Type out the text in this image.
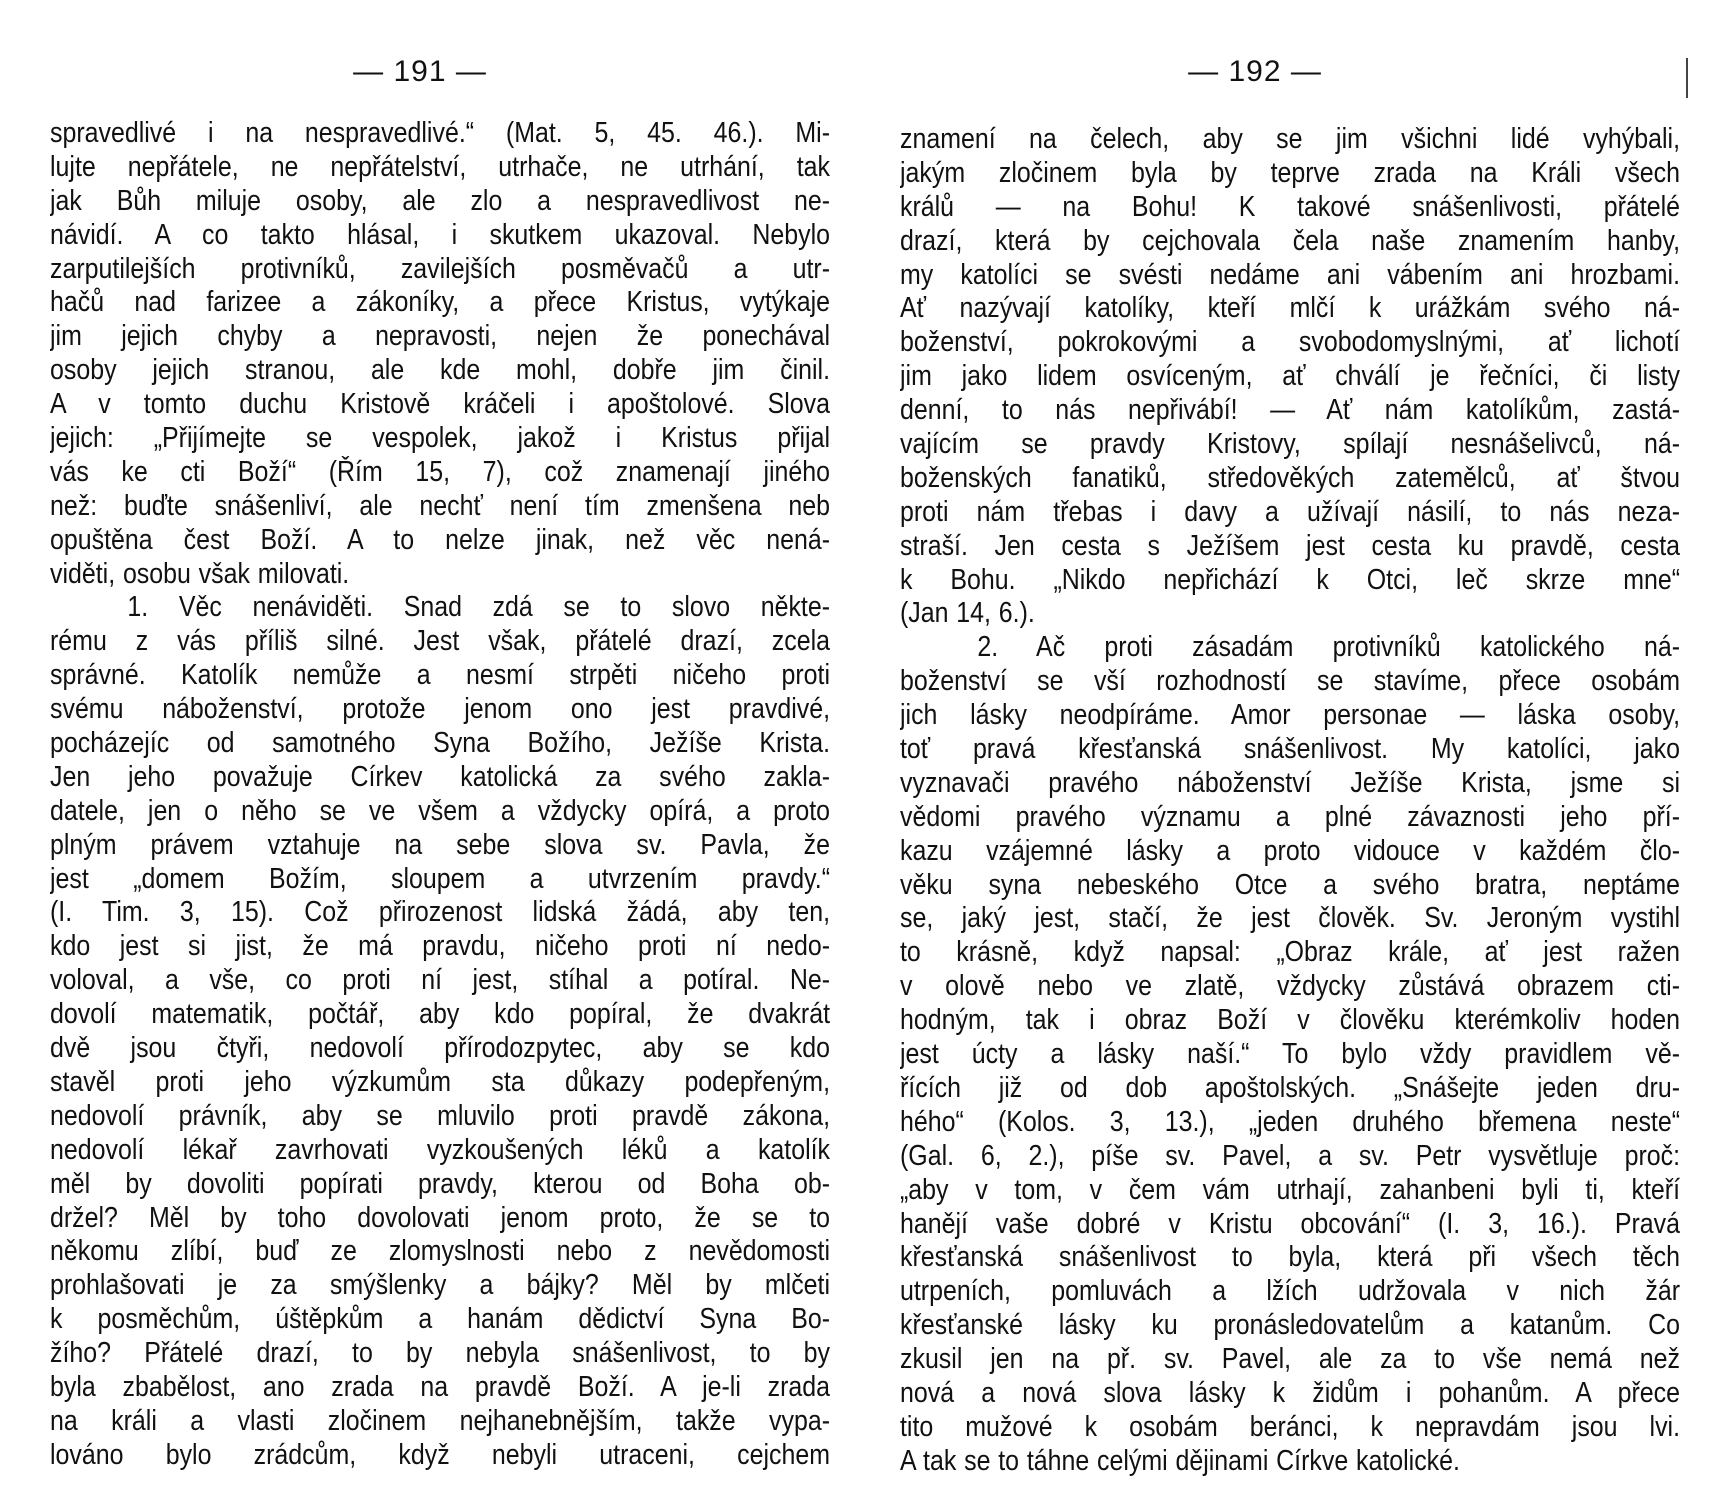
— 191 —
spravedlivé i na nespravedlivé.“ (Mat. 5, 45. 46.). Mi-
lujte nepřátele, ne nepřátelství, utrhače, ne utrhání, tak
jak Bůh miluje osoby, ale zlo a nespravedlivost ne-
návidí. A co takto hlásal, i skutkem ukazoval. Nebylo
zarputilejších protivníků, zavilejších posměvačů a utr-
hačů nad farizee a zákoníky, a přece Kristus, vytýkaje
jim jejich chyby a nepravosti, nejen že ponechával
osoby jejich stranou, ale kde mohl, dobře jim činil.
A v tomto duchu Kristově kráčeli i apoštolové. Slova
jejich: „Přijímejte se vespolek, jakož i Kristus přijal
vás ke cti Boží“ (Řím 15, 7), což znamenají jiného
než: buďte snášenliví, ale nechť není tím zmenšena neb
opuštěna čest Boží. A to nelze jinak, než věc nená-
viděti, osobu však milovati.
1. Věc nenáviděti. Snad zdá se to slovo někte-
rému z vás příliš silné. Jest však, přátelé drazí, zcela
správné. Katolík nemůže a nesmí strpěti ničeho proti
svému náboženství, protože jenom ono jest pravdivé,
pocházejíc od samotného Syna Božího, Ježíše Krista.
Jen jeho považuje Církev katolická za svého zakla-
datele, jen o něho se ve všem a vždycky opírá, a proto
plným právem vztahuje na sebe slova sv. Pavla, že
jest „domem Božím, sloupem a utvrzením pravdy.“
(I. Tim. 3, 15). Což přirozenost lidská žádá, aby ten,
kdo jest si jist, že má pravdu, ničeho proti ní nedo-
voloval, a vše, co proti ní jest, stíhal a potíral. Ne-
dovolí matematik, počtář, aby kdo popíral, že dvakrát
dvě jsou čtyři, nedovolí přírodozpytec, aby se kdo
stavěl proti jeho výzkumům sta důkazy podepřeným,
nedovolí právník, aby se mluvilo proti pravdě zákona,
nedovolí lékař zavrhovati vyzkoušených léků a katolík
měl by dovoliti popírati pravdy, kterou od Boha ob-
držel? Měl by toho dovolovati jenom proto, že se to
někomu zlíbí, buď ze zlomyslnosti nebo z nevědomosti
prohlašovati je za smýšlenky a bájky? Měl by mlčeti
k posměchům, úštěpkům a hanám dědictví Syna Bo-
žího? Přátelé drazí, to by nebyla snášenlivost, to by
byla zbabělost, ano zrada na pravdě Boží. A je-li zrada
na králi a vlasti zločinem nejhanebnějším, takže vypa-
lováno bylo zrádcům, když nebyli utraceni, cejchem
— 192 —
znamení na čelech, aby se jim všichni lidé vyhýbali,
jakým zločinem byla by teprve zrada na Králi všech
králů — na Bohu! K takové snášenlivosti, přátelé
drazí, která by cejchovala čela naše znamením hanby,
my katolíci se svésti nedáme ani vábením ani hrozbami.
Ať nazývají katolíky, kteří mlčí k urážkám svého ná-
boženství, pokrokovými a svobodomyslnými, ať lichotí
jim jako lidem osvíceným, ať chválí je řečníci, či listy
denní, to nás nepřivábí! — Ať nám katolíkům, zastá-
vajícím se pravdy Kristovy, spílají nesnášelivců, ná-
boženských fanatiků, středověkých zatemělců, ať štvou
proti nám třebas i davy a užívají násilí, to nás neza-
straší. Jen cesta s Ježíšem jest cesta ku pravdě, cesta
k Bohu. „Nikdo nepřichází k Otci, leč skrze mne“
(Jan 14, 6.).
2. Ač proti zásadám protivníků katolického ná-
boženství se vší rozhodností se stavíme, přece osobám
jich lásky neodpíráme. Amor personae — láska osoby,
toť pravá křesťanská snášenlivost. My katolíci, jako
vyznavači pravého náboženství Ježíše Krista, jsme si
vědomi pravého významu a plné závaznosti jeho pří-
kazu vzájemné lásky a proto vidouce v každém člo-
věku syna nebeského Otce a svého bratra, neptáme
se, jaký jest, stačí, že jest člověk. Sv. Jeroným vystihl
to krásně, když napsal: „Obraz krále, ať jest ražen
v olově nebo ve zlatě, vždycky zůstává obrazem cti-
hodným, tak i obraz Boží v člověku kterémkoliv hoden
jest úcty a lásky naší.“ To bylo vždy pravidlem vě-
řících již od dob apoštolských. „Snášejte jeden dru-
hého“ (Kolos. 3, 13.), „jeden druhého břemena neste“
(Gal. 6, 2.), píše sv. Pavel, a sv. Petr vysvětluje proč:
„aby v tom, v čem vám utrhají, zahanbeni byli ti, kteří
hanějí vaše dobré v Kristu obcování“ (I. 3, 16.). Pravá
křesťanská snášenlivost to byla, která při všech těch
utrpeních, pomluvách a lžích udržovala v nich žár
křesťanské lásky ku pronásledovatelům a katanům. Co
zkusil jen na př. sv. Pavel, ale za to vše nemá než
nová a nová slova lásky k židům i pohanům. A přece
tito mužové k osobám beránci, k nepravdám jsou lvi.
A tak se to táhne celými dějinami Církve katolické.
